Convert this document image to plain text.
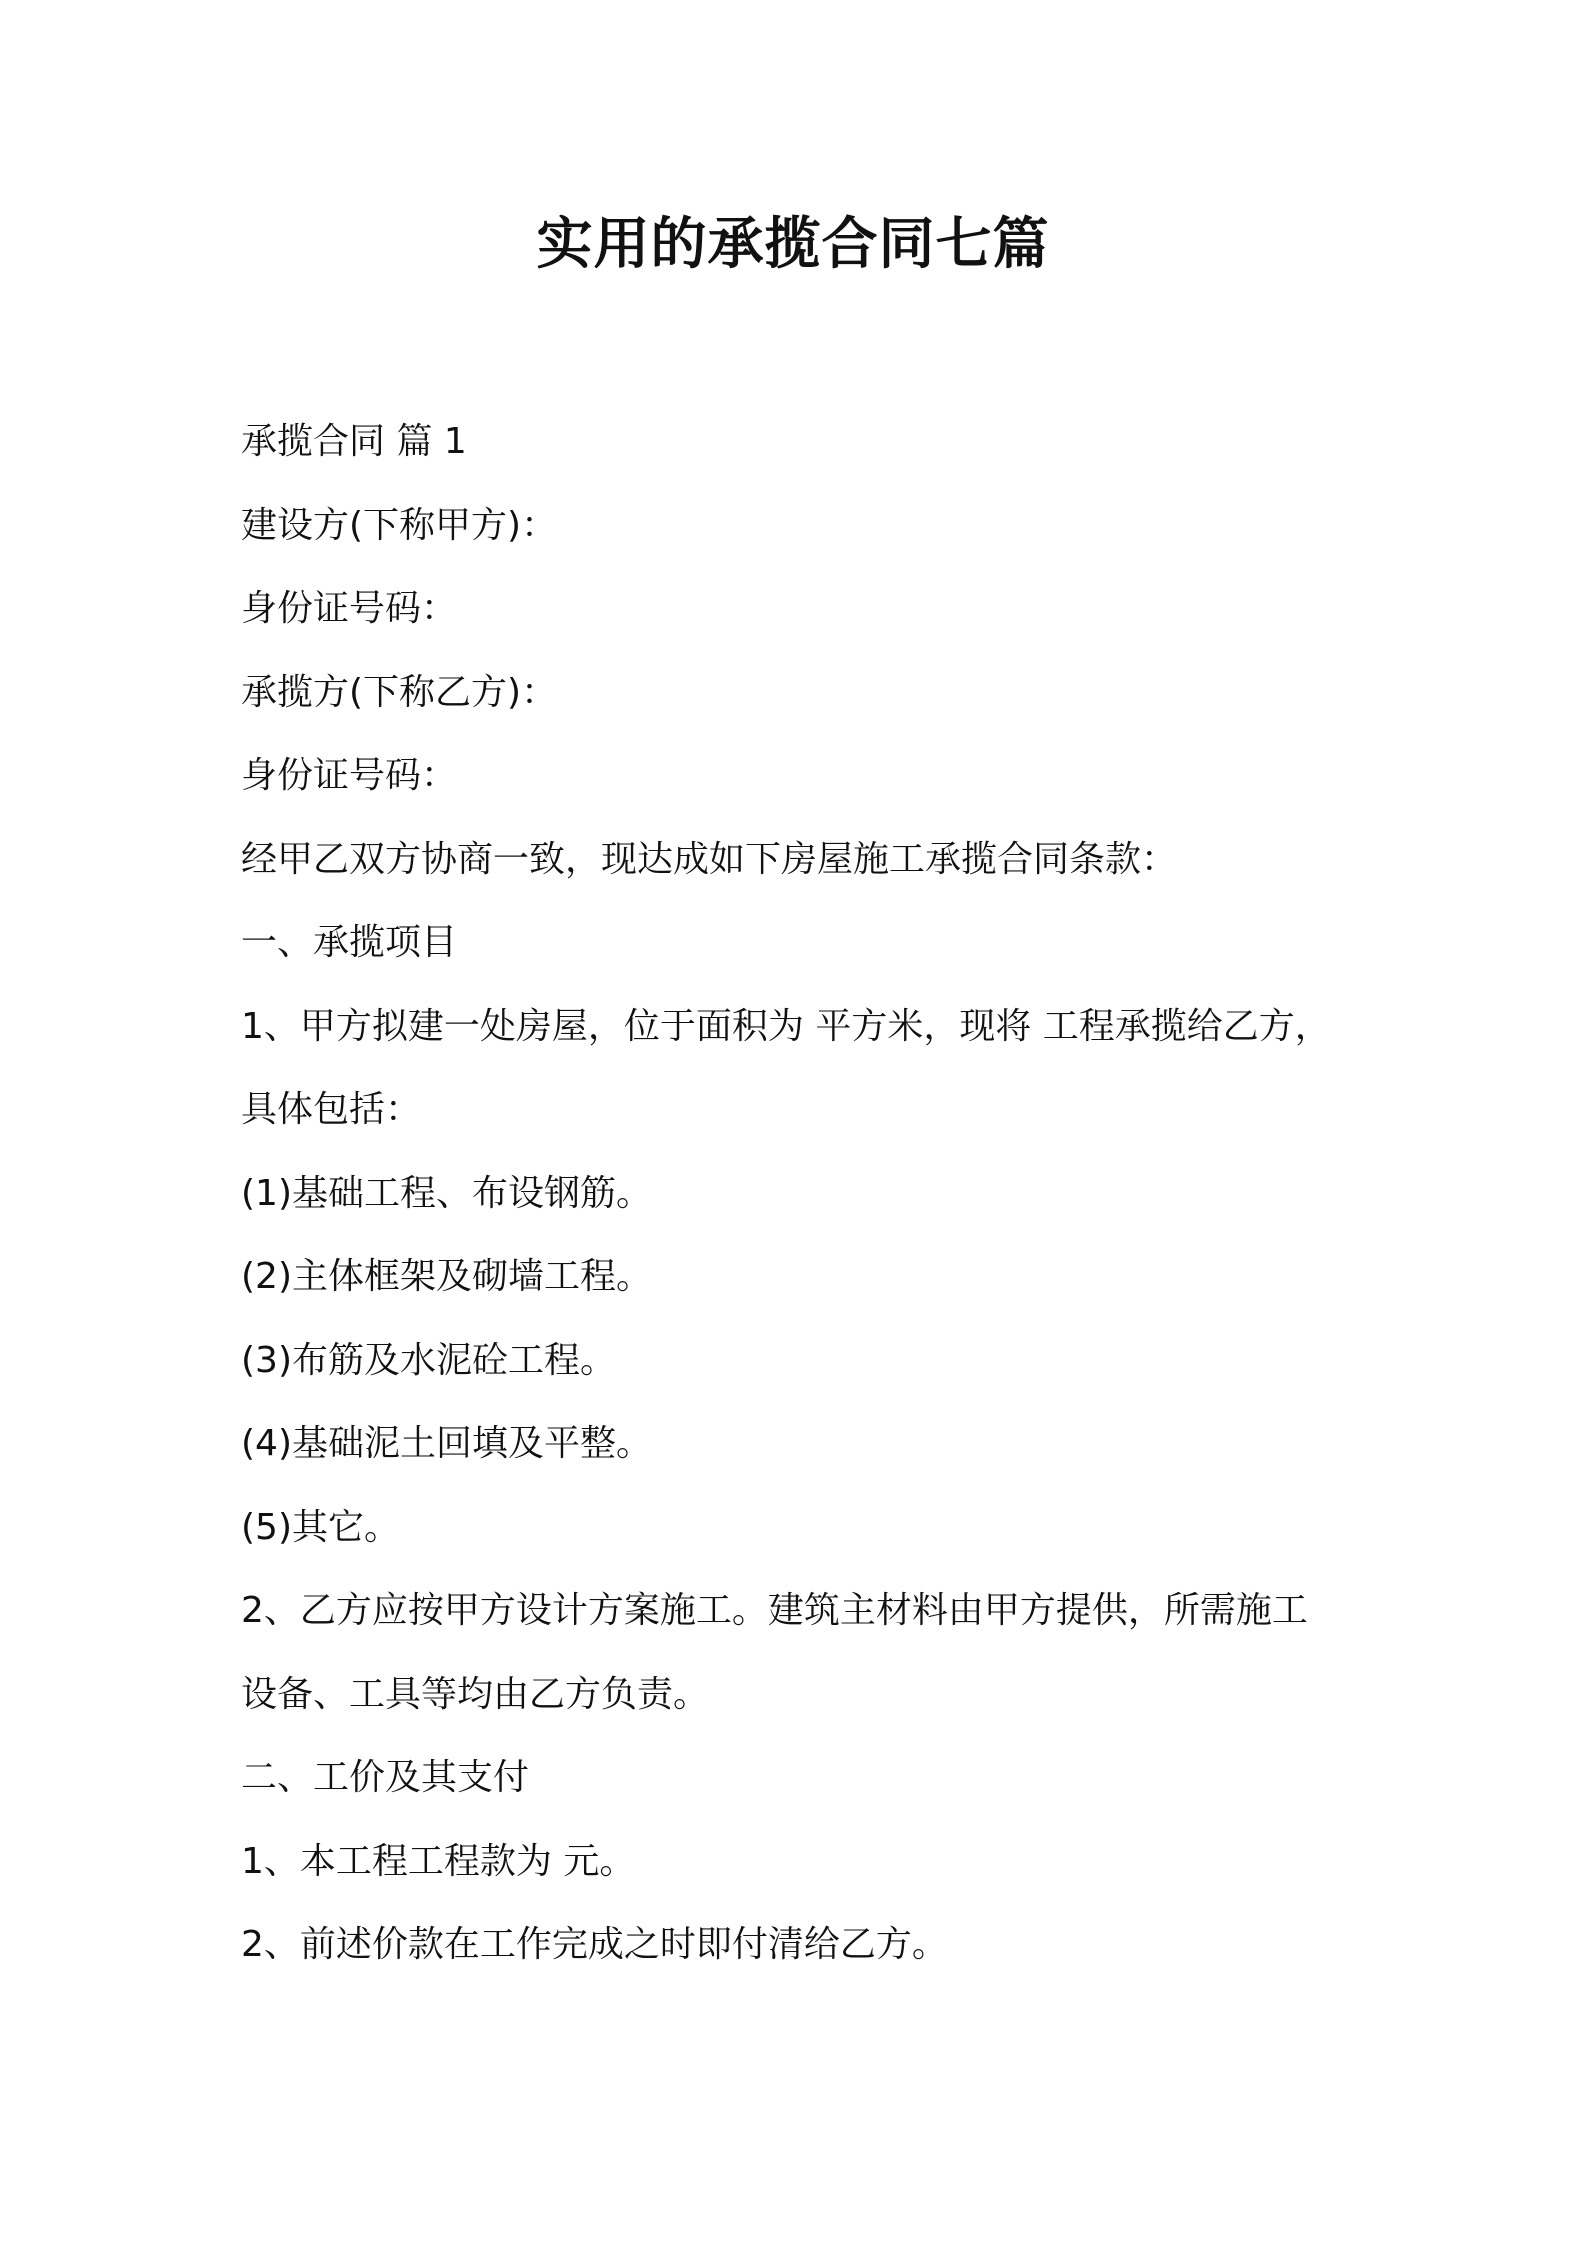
实用的承揽合同七篇

承揽合同 篇 1

建设方(下称甲方)：

身份证号码：

承揽方(下称乙方)：

身份证号码：

经甲乙双方协商一致，现达成如下房屋施工承揽合同条款：

一、承揽项目

1、甲方拟建一处房屋，位于面积为 平方米，现将 工程承揽给乙方，

具体包括：

(1)基础工程、布设钢筋。

(2)主体框架及砌墙工程。

(3)布筋及水泥砼工程。

(4)基础泥土回填及平整。

(5)其它。

2、乙方应按甲方设计方案施工。建筑主材料由甲方提供，所需施工

设备、工具等均由乙方负责。

二、工价及其支付

1、本工程工程款为 元。

2、前述价款在工作完成之时即付清给乙方。
